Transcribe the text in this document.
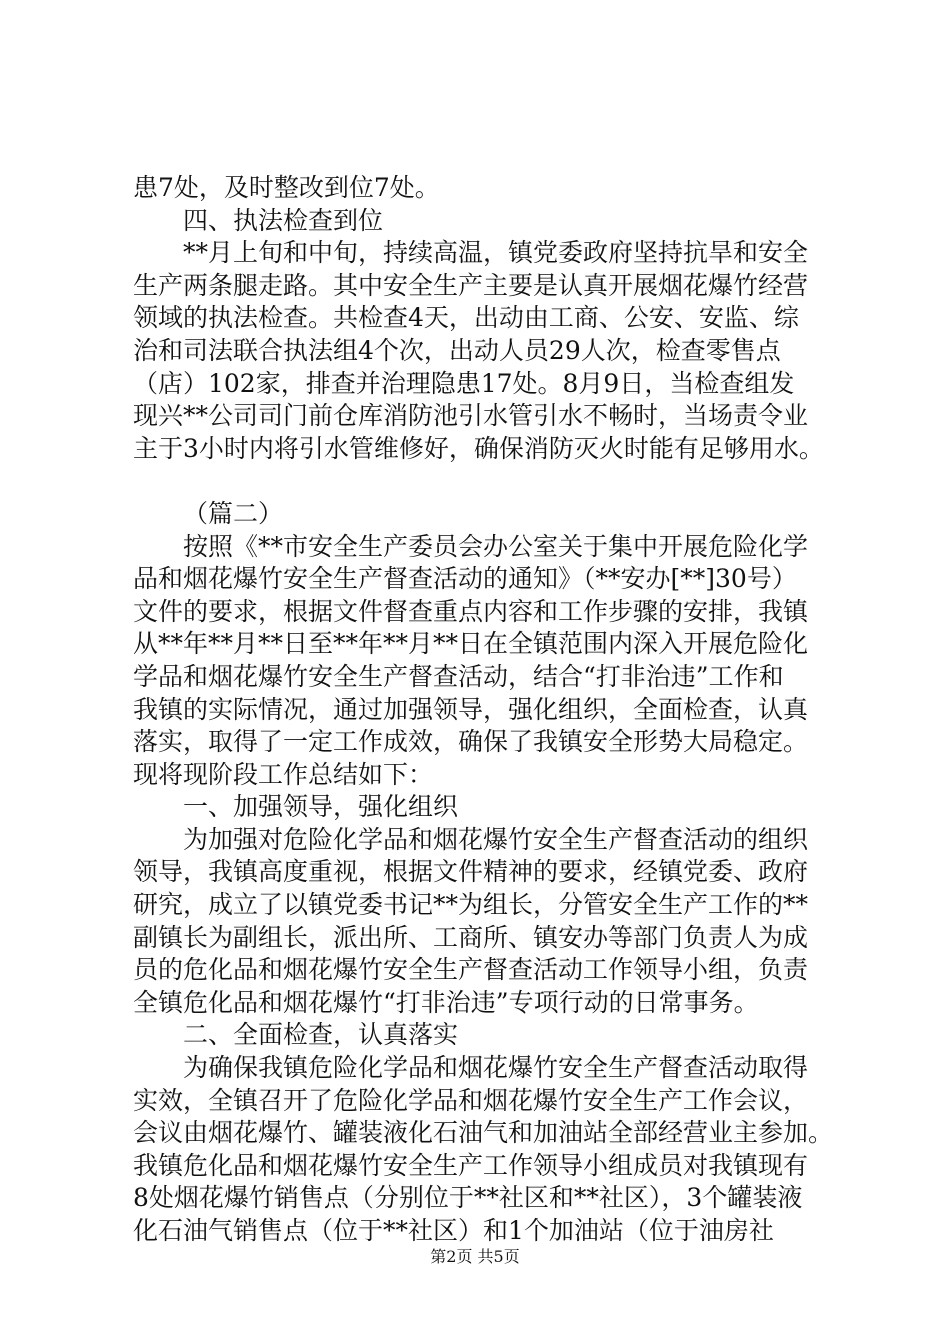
患7处，及时整改到位7处。
四、执法检查到位
**月上旬和中旬，持续高温，镇党委政府坚持抗旱和安全
生产两条腿走路。其中安全生产主要是认真开展烟花爆竹经营
领域的执法检查。共检查4天，出动由工商、公安、安监、综
治和司法联合执法组4个次，出动人员29人次，检查零售点
（店）102家，排查并治理隐患17处。8月9日，当检查组发
现兴**公司司门前仓库消防池引水管引水不畅时，当场责令业
主于3小时内将引水管维修好，确保消防灭火时能有足够用水。
（篇二）
按照《**市安全生产委员会办公室关于集中开展危险化学
品和烟花爆竹安全生产督查活动的通知》（**安办[**]30号）
文件的要求，根据文件督查重点内容和工作步骤的安排，我镇
从**年**月**日至**年**月**日在全镇范围内深入开展危险化
学品和烟花爆竹安全生产督查活动，结合“打非治违”工作和
我镇的实际情况，通过加强领导，强化组织，全面检查，认真
落实，取得了一定工作成效，确保了我镇安全形势大局稳定。
现将现阶段工作总结如下：
一、加强领导，强化组织
为加强对危险化学品和烟花爆竹安全生产督查活动的组织
领导，我镇高度重视，根据文件精神的要求，经镇党委、政府
研究，成立了以镇党委书记**为组长，分管安全生产工作的**
副镇长为副组长，派出所、工商所、镇安办等部门负责人为成
员的危化品和烟花爆竹安全生产督查活动工作领导小组，负责
全镇危化品和烟花爆竹“打非治违”专项行动的日常事务。
二、全面检查，认真落实
为确保我镇危险化学品和烟花爆竹安全生产督查活动取得
实效，全镇召开了危险化学品和烟花爆竹安全生产工作会议，
会议由烟花爆竹、罐装液化石油气和加油站全部经营业主参加。
我镇危化品和烟花爆竹安全生产工作领导小组成员对我镇现有
8处烟花爆竹销售点（分别位于**社区和**社区），3个罐装液
化石油气销售点（位于**社区）和1个加油站（位于油房社
第2页 共5页
